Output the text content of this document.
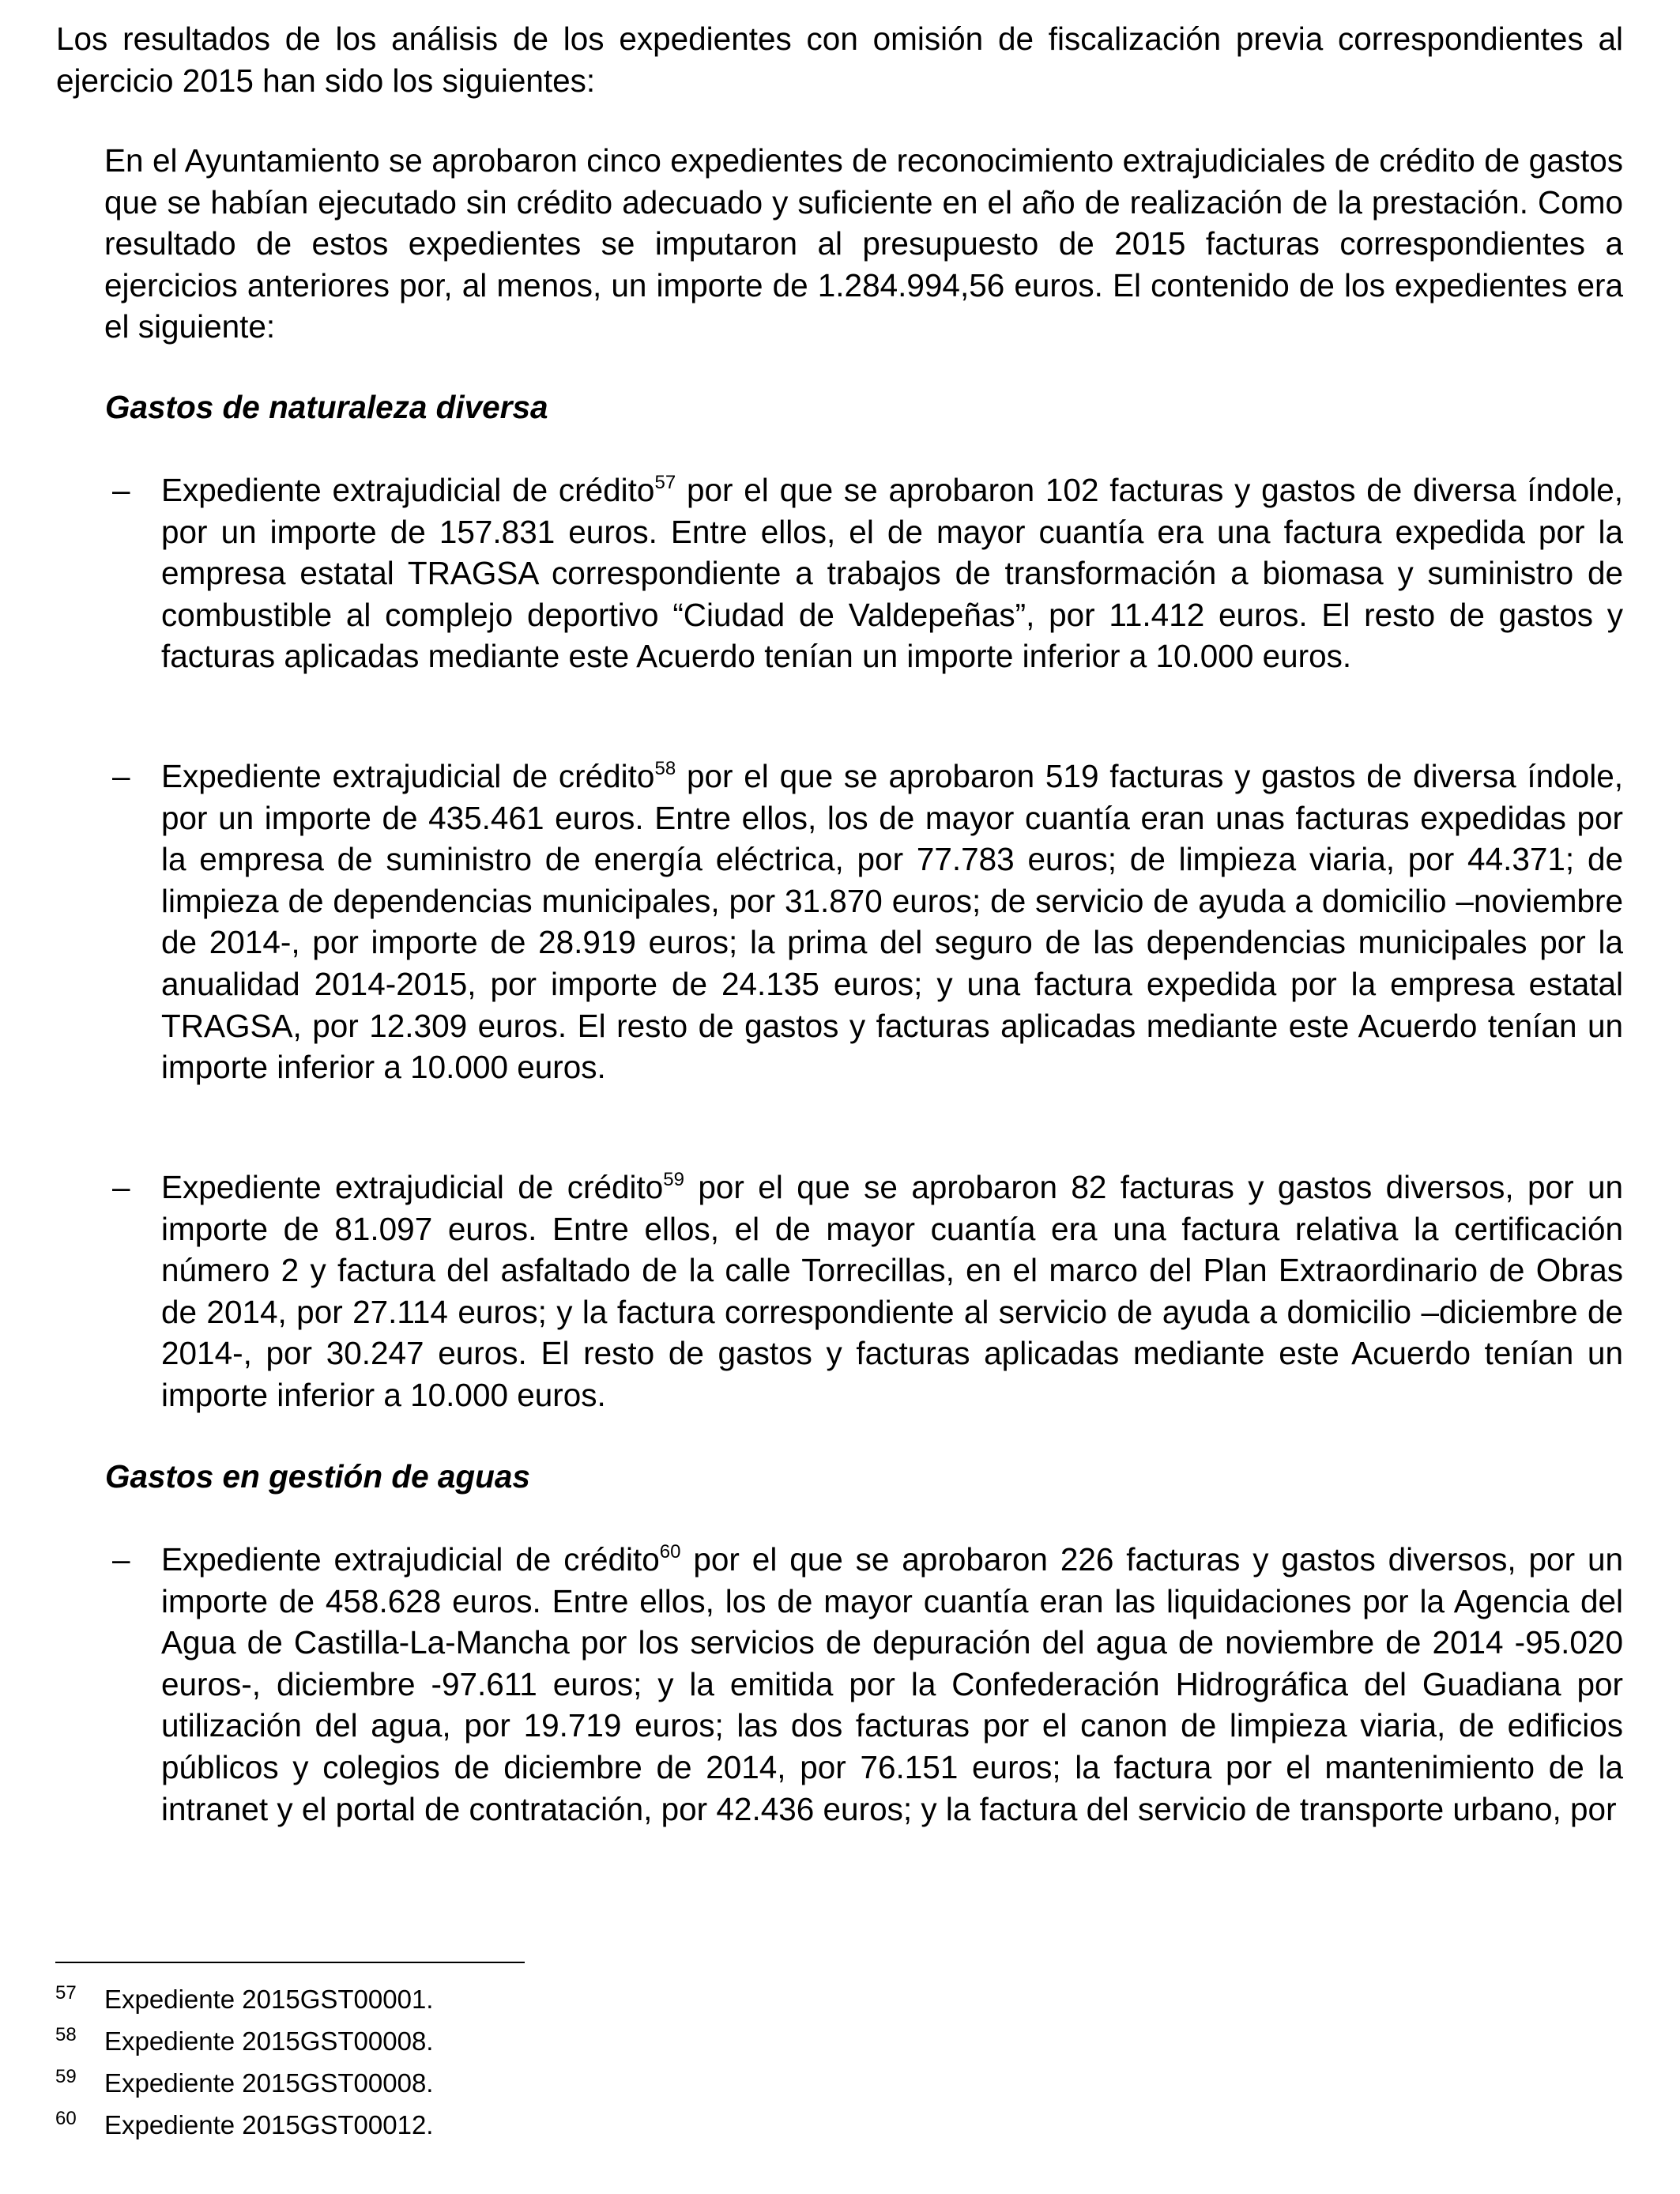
Los resultados de los análisis de los expedientes con omisión de fiscalización previa correspondientes al ejercicio 2015 han sido los siguientes:

En el Ayuntamiento se aprobaron cinco expedientes de reconocimiento extrajudiciales de crédito de gastos que se habían ejecutado sin crédito adecuado y suficiente en el año de realización de la prestación. Como resultado de estos expedientes se imputaron al presupuesto de 2015 facturas correspondientes a ejercicios anteriores por, al menos, un importe de 1.284.994,56 euros. El contenido de los expedientes era el siguiente:

Gastos de naturaleza diversa

– Expediente extrajudicial de crédito$^{57}$ por el que se aprobaron 102 facturas y gastos de diversa índole, por un importe de 157.831 euros. Entre ellos, el de mayor cuantía era una factura expedida por la empresa estatal TRAGSA correspondiente a trabajos de transformación a biomasa y suministro de combustible al complejo deportivo “Ciudad de Valdepeñas”, por 11.412 euros. El resto de gastos y facturas aplicadas mediante este Acuerdo tenían un importe inferior a 10.000 euros.

– Expediente extrajudicial de crédito$^{58}$ por el que se aprobaron 519 facturas y gastos de diversa índole, por un importe de 435.461 euros. Entre ellos, los de mayor cuantía eran unas facturas expedidas por la empresa de suministro de energía eléctrica, por 77.783 euros; de limpieza viaria, por 44.371; de limpieza de dependencias municipales, por 31.870 euros; de servicio de ayuda a domicilio –noviembre de 2014-, por importe de 28.919 euros; la prima del seguro de las dependencias municipales por la anualidad 2014-2015, por importe de 24.135 euros; y una factura expedida por la empresa estatal TRAGSA, por 12.309 euros. El resto de gastos y facturas aplicadas mediante este Acuerdo tenían un importe inferior a 10.000 euros.

– Expediente extrajudicial de crédito$^{59}$ por el que se aprobaron 82 facturas y gastos diversos, por un importe de 81.097 euros. Entre ellos, el de mayor cuantía era una factura relativa la certificación número 2 y factura del asfaltado de la calle Torrecillas, en el marco del Plan Extraordinario de Obras de 2014, por 27.114 euros; y la factura correspondiente al servicio de ayuda a domicilio –diciembre de 2014-, por 30.247 euros. El resto de gastos y facturas aplicadas mediante este Acuerdo tenían un importe inferior a 10.000 euros.

Gastos en gestión de aguas

– Expediente extrajudicial de crédito$^{60}$ por el que se aprobaron 226 facturas y gastos diversos, por un importe de 458.628 euros. Entre ellos, los de mayor cuantía eran las liquidaciones por la Agencia del Agua de Castilla-La-Mancha por los servicios de depuración del agua de noviembre de 2014 -95.020 euros-, diciembre -97.611 euros; y la emitida por la Confederación Hidrográfica del Guadiana por utilización del agua, por 19.719 euros; las dos facturas por el canon de limpieza viaria, de edificios públicos y colegios de diciembre de 2014, por 76.151 euros; la factura por el mantenimiento de la intranet y el portal de contratación, por 42.436 euros; y la factura del servicio de transporte urbano, por

57 Expediente 2015GST00001.
58 Expediente 2015GST00008.
59 Expediente 2015GST00008.
60 Expediente 2015GST00012.
